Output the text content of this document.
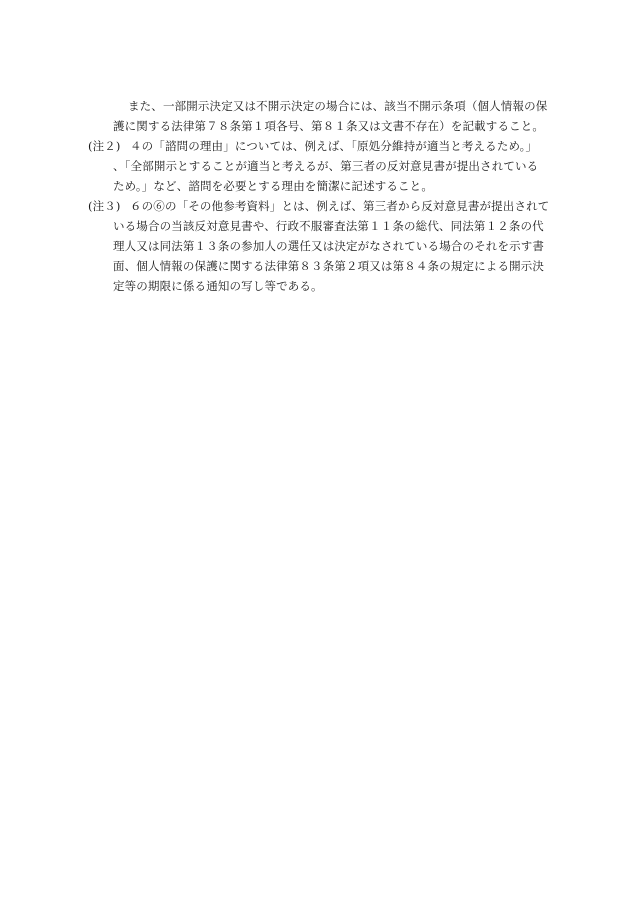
また、一部開示決定又は不開示決定の場合には、該当不開示条項（個人情報の保
護に関する法律第７８条第１項各号、第８１条又は文書不存在）を記載すること。
(注２) ４の「諮問の理由」については、例えば、「原処分維持が適当と考えるため。」
、「全部開示とすることが適当と考えるが、第三者の反対意見書が提出されている
ため。」など、諮問を必要とする理由を簡潔に記述すること。
(注３) ６の⑥の「その他参考資料」とは、例えば、第三者から反対意見書が提出されて
いる場合の当該反対意見書や、行政不服審査法第１１条の総代、同法第１２条の代
理人又は同法第１３条の参加人の選任又は決定がなされている場合のそれを示す書
面、個人情報の保護に関する法律第８３条第２項又は第８４条の規定による開示決
定等の期限に係る通知の写し等である。
